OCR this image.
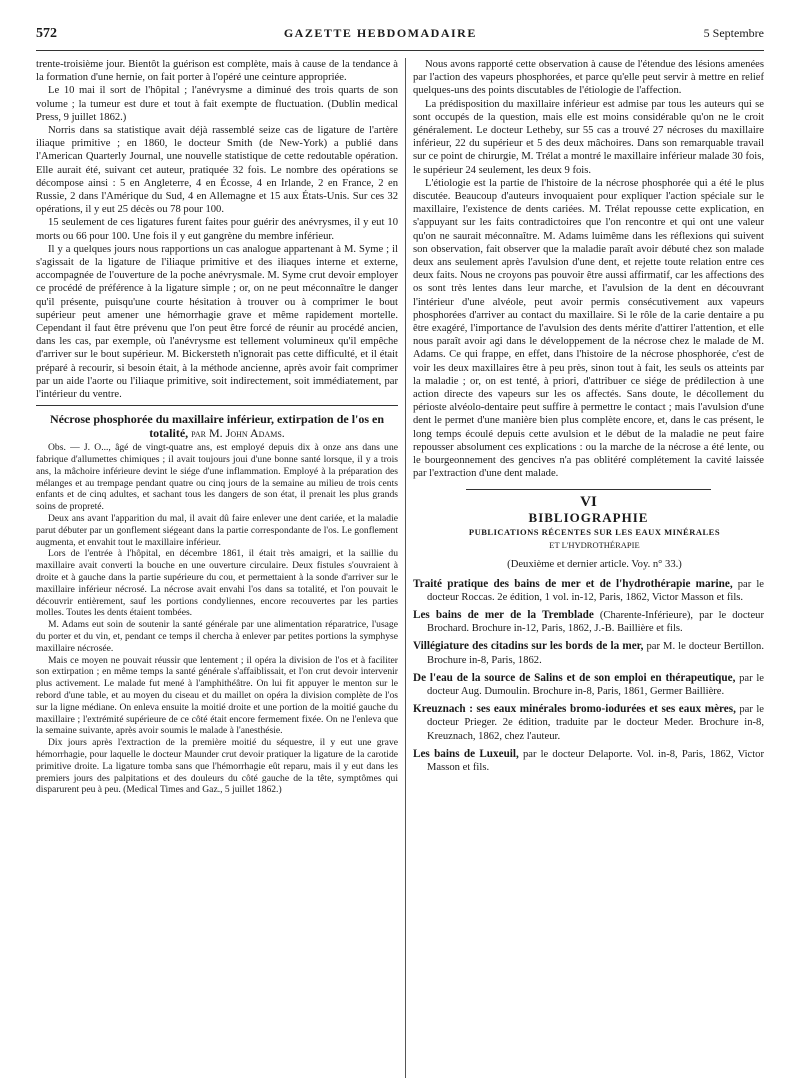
572	GAZETTE HEBDOMADAIRE	5 Septembre

trente-troisième jour. Bientôt la guérison est complète, mais à cause de la tendance à la formation d'une hernie, on fait porter à l'opéré une ceinture appropriée.

Le 10 mai il sort de l'hôpital ; l'anévrysme a diminué des trois quarts de son volume ; la tumeur est dure et tout à fait exempte de fluctuation. (Dublin medical Press, 9 juillet 1862.)

Norris dans sa statistique avait déjà rassemblé seize cas de ligature de l'artère iliaque primitive ; en 1860, le docteur Smith (de New-York) a publié dans l'American Quarterly Journal, une nouvelle statistique de cette redoutable opération. Elle aurait été, suivant cet auteur, pratiquée 32 fois. Le nombre des opérations se décompose ainsi : 5 en Angleterre, 4 en Écosse, 4 en Irlande, 2 en France, 2 en Russie, 2 dans l'Amérique du Sud, 4 en Allemagne et 15 aux États-Unis. Sur ces 32 opérations, il y eut 25 décès ou 78 pour 100.

15 seulement de ces ligatures furent faites pour guérir des anévrysmes, il y eut 10 morts ou 66 pour 100. Une fois il y eut gangrène du membre inférieur.

Il y a quelques jours nous rapportions un cas analogue appartenant à M. Syme ; il s'agissait de la ligature de l'iliaque primitive et des iliaques interne et externe, accompagnée de l'ouverture de la poche anévrysmale. M. Syme crut devoir employer ce procédé de préférence à la ligature simple ; or, on ne peut méconnaître le danger qu'il présente, puisqu'une courte hésitation à trouver ou à comprimer le bout supérieur peut amener une hémorrhagie grave et même rapidement mortelle. Cependant il faut être prévenu que l'on peut être forcé de réunir au procédé ancien, dans les cas, par exemple, où l'anévrysme est tellement volumineux qu'il empêche d'arriver sur le bout supérieur. M. Bickersteth n'ignorait pas cette difficulté, et il était préparé à recourir, si besoin était, à la méthode ancienne, après avoir fait comprimer par un aide l'aorte ou l'iliaque primitive, soit indirectement, soit immédiatement, par l'intérieur du ventre.

Nécrose phosphorée du maxillaire inférieur, extirpation de l'os en totalité, par M. John Adams.

Obs. — J. O..., âgé de vingt-quatre ans, est employé depuis dix à onze ans dans une fabrique d'allumettes chimiques ; il avait toujours joui d'une bonne santé lorsque, il y a trois ans, la mâchoire inférieure devint le siége d'une inflammation. Employé à la préparation des mélanges et au trempage pendant quatre ou cinq jours de la semaine au milieu de trois cents enfants et de cinq adultes, et sachant tous les dangers de son état, il prenait les plus grands soins de propreté.

Deux ans avant l'apparition du mal, il avait dû faire enlever une dent cariée, et la maladie parut débuter par un gonflement siégeant dans la partie correspondante de l'os. Le gonflement augmenta, et envahit tout le maxillaire inférieur.

Lors de l'entrée à l'hôpital, en décembre 1861, il était très amaigri, et la saillie du maxillaire avait converti la bouche en une ouverture circulaire. Deux fistules s'ouvraient à droite et à gauche dans la partie supérieure du cou, et permettaient à la sonde d'arriver sur le maxillaire inférieur nécrosé. La nécrose avait envahi l'os dans sa totalité, et l'on pouvait le découvrir entièrement, sauf les portions condyliennes, encore recouvertes par les parties molles. Toutes les dents étaient tombées.

M. Adams eut soin de soutenir la santé générale par une alimentation réparatrice, l'usage du porter et du vin, et, pendant ce temps il chercha à enlever par petites portions la symphyse maxillaire nécrosée.

Mais ce moyen ne pouvait réussir que lentement ; il opéra la division de l'os et à faciliter son extirpation ; en même temps la santé générale s'affaiblissait, et l'on crut devoir intervenir plus activement. Le malade fut mené à l'amphithéâtre. On lui fit appuyer le menton sur le rebord d'une table, et au moyen du ciseau et du maillet on opéra la division complète de l'os sur la ligne médiane. On enleva ensuite la moitié droite et une portion de la moitié gauche du maxillaire ; l'extrémité supérieure de ce côté était encore fermement fixée. On ne l'enleva que la semaine suivante, après avoir soumis le malade à l'anesthésie.

Dix jours après l'extraction de la première moitié du séquestre, il y eut une grave hémorrhagie, pour laquelle le docteur Maunder crut devoir pratiquer la ligature de la carotide primitive droite. La ligature tomba sans que l'hémorrhagie eût reparu, mais il y eut dans les premiers jours des palpitations et des douleurs du côté gauche de la tête, symptômes qui disparurent peu à peu. (Medical Times and Gaz., 5 juillet 1862.)

Nous avons rapporté cette observation à cause de l'étendue des lésions amenées par l'action des vapeurs phosphorées, et parce qu'elle peut servir à mettre en relief quelques-uns des points discutables de l'étiologie de l'affection.

La prédisposition du maxillaire inférieur est admise par tous les auteurs qui se sont occupés de la question, mais elle est moins considérable qu'on ne le croit généralement. Le docteur Letheby, sur 55 cas a trouvé 27 nécroses du maxillaire inférieur, 22 du supérieur et 5 des deux mâchoires. Dans son remarquable travail sur ce point de chirurgie, M. Trélat a montré le maxillaire inférieur malade 30 fois, le supérieur 24 seulement, les deux 9 fois.

L'étiologie est la partie de l'histoire de la nécrose phosphorée qui a été le plus discutée. Beaucoup d'auteurs invoquaient pour expliquer l'action spéciale sur le maxillaire, l'existence de dents cariées. M. Trélat repousse cette explication, en s'appuyant sur les faits contradictoires que l'on rencontre et qui ont une valeur qu'on ne saurait méconnaître. M. Adams luimême dans les réflexions qui suivent son observation, fait observer que la maladie paraît avoir débuté chez son malade deux ans seulement après l'avulsion d'une dent, et rejette toute relation entre ces deux faits. Nous ne croyons pas pouvoir être aussi affirmatif, car les affections des os sont très lentes dans leur marche, et l'avulsion de la dent en découvrant l'intérieur d'une alvéole, peut avoir permis consécutivement aux vapeurs phosphorées d'arriver au contact du maxillaire. Si le rôle de la carie dentaire a pu être exagéré, l'importance de l'avulsion des dents mérite d'attirer l'attention, et elle nous paraît avoir agi dans le développement de la nécrose chez le malade de M. Adams. Ce qui frappe, en effet, dans l'histoire de la nécrose phosphorée, c'est de voir les deux maxillaires être à peu près, sinon tout à fait, les seuls os atteints par la maladie ; or, on est tenté, à priori, d'attribuer ce siége de prédilection à une action directe des vapeurs sur les os affectés. Sans doute, le décollement du périoste alvéolo-dentaire peut suffire à permettre le contact ; mais l'avulsion d'une dent le permet d'une manière bien plus complète encore, et, dans le cas présent, le long temps écoulé depuis cette avulsion et le début de la maladie ne peut faire repousser absolument ces explications : ou la marche de la nécrose a été lente, ou le bourgeonnement des gencives n'a pas oblitéré complétement la cavité laissée par l'extraction d'une dent malade.

VI
BIBLIOGRAPHIE

PUBLICATIONS RÉCENTES SUR LES EAUX MINÉRALES

ET L'HYDROTHÉRAPIE

(Deuxième et dernier article. Voy. n° 33.)

Traité pratique des bains de mer et de l'hydrothérapie marine, par le docteur Roccas. 2e édition, 1 vol. in-12, Paris, 1862, Victor Masson et fils.

Les bains de mer de la Tremblade (Charente-Inférieure), par le docteur Brochard. Brochure in-12, Paris, 1862, J.-B. Baillière et fils.

Villégiature des citadins sur les bords de la mer, par M. le docteur Bertillon. Brochure in-8, Paris, 1862.

De l'eau de la source de Salins et de son emploi en thérapeutique, par le docteur Aug. Dumoulin. Brochure in-8, Paris, 1861, Germer Baillière.

Kreuznach : ses eaux minérales bromo-iodurées et ses eaux mères, par le docteur Prieger. 2e édition, traduite par le docteur Meder. Brochure in-8, Kreuznach, 1862, chez l'auteur.

Les bains de Luxeuil, par le docteur Delaporte. Vol. in-8, Paris, 1862, Victor Masson et fils.
